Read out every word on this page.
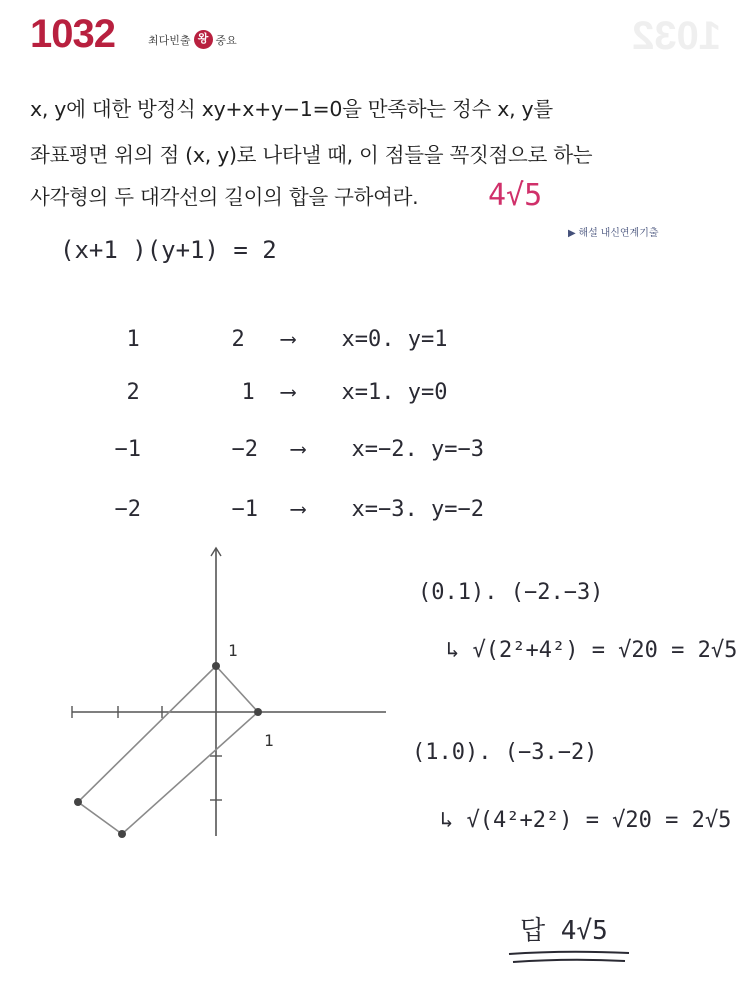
1032	최다빈출 왕 중요	1032
x, y에 대한 방정식 xy+x+y−1=0을 만족하는 정수 x, y를
좌표평면 위의 점 (x, y)로 나타낼 때, 이 점들을 꼭짓점으로 하는
사각형의 두 대각선의 길이의 합을 구하여라. 4√5
▶ 해설 내신연계기출
(x+1 )(y+1) = 2

1	2 ⟶ x=0. y=1

2	1 ⟶ x=1. y=0

−1	−2 ⟶ x=−2. y=−3

−2	−1 ⟶ x=−3. y=−2

1
1
(0.1). (−2.−3)
↳ √(2²+4²) = √20 = 2√5
(1.0). (−3.−2)
↳ √(4²+2²) = √20 = 2√5
답 4√5
